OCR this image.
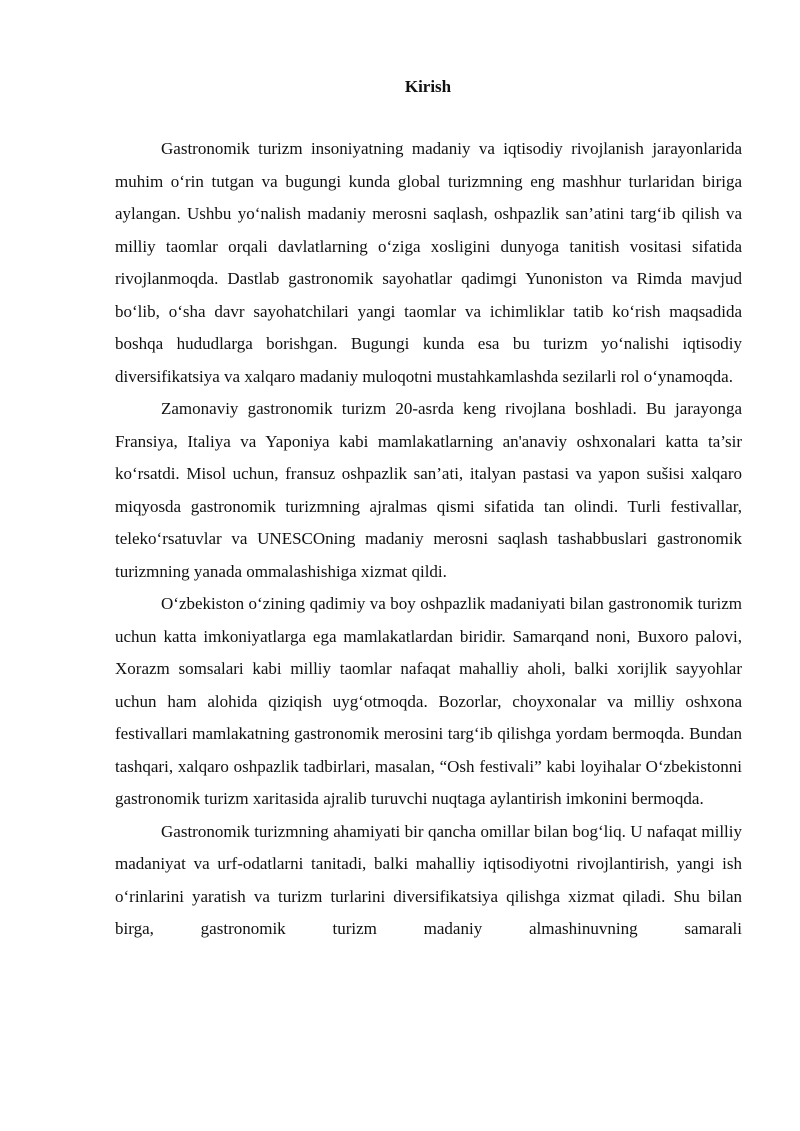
Kirish

Gastronomik turizm insoniyatning madaniy va iqtisodiy rivojlanish jarayonlarida muhim o‘rin tutgan va bugungi kunda global turizmning eng mashhur turlaridan biriga aylangan. Ushbu yo‘nalish madaniy merosni saqlash, oshpazlik san’atini targ‘ib qilish va milliy taomlar orqali davlatlarning o‘ziga xosligini dunyoga tanitish vositasi sifatida rivojlanmoqda. Dastlab gastronomik sayohatlar qadimgi Yunoniston va Rimda mavjud bo‘lib, o‘sha davr sayohatchilari yangi taomlar va ichimliklar tatib ko‘rish maqsadida boshqa hududlarga borishgan. Bugungi kunda esa bu turizm yo‘nalishi iqtisodiy diversifikatsiya va xalqaro madaniy muloqotni mustahkamlashda sezilarli rol o‘ynamoqda.

Zamonaviy gastronomik turizm 20-asrda keng rivojlana boshladi. Bu jarayonga Fransiya, Italiya va Yaponiya kabi mamlakatlarning an'anaviy oshxonalari katta ta’sir ko‘rsatdi. Misol uchun, fransuz oshpazlik san’ati, italyan pastasi va yapon sušisi xalqaro miqyosda gastronomik turizmning ajralmas qismi sifatida tan olindi. Turli festivallar, teleko‘rsatuvlar va UNESCOning madaniy merosni saqlash tashabbuslari gastronomik turizmning yanada ommalashishiga xizmat qildi.

O‘zbekiston o‘zining qadimiy va boy oshpazlik madaniyati bilan gastronomik turizm uchun katta imkoniyatlarga ega mamlakatlardan biridir. Samarqand noni, Buxoro palovi, Xorazm somsalari kabi milliy taomlar nafaqat mahalliy aholi, balki xorijlik sayyohlar uchun ham alohida qiziqish uyg‘otmoqda. Bozorlar, choyxonalar va milliy oshxona festivallari mamlakatning gastronomik merosini targ‘ib qilishga yordam bermoqda. Bundan tashqari, xalqaro oshpazlik tadbirlari, masalan, “Osh festivali” kabi loyihalar O‘zbekistonni gastronomik turizm xaritasida ajralib turuvchi nuqtaga aylantirish imkonini bermoqda.

Gastronomik turizmning ahamiyati bir qancha omillar bilan bog‘liq. U nafaqat milliy madaniyat va urf-odatlarni tanitadi, balki mahalliy iqtisodiyotni rivojlantirish, yangi ish o‘rinlarini yaratish va turizm turlarini diversifikatsiya qilishga xizmat qiladi. Shu bilan birga, gastronomik turizm madaniy almashinuvning samarali
